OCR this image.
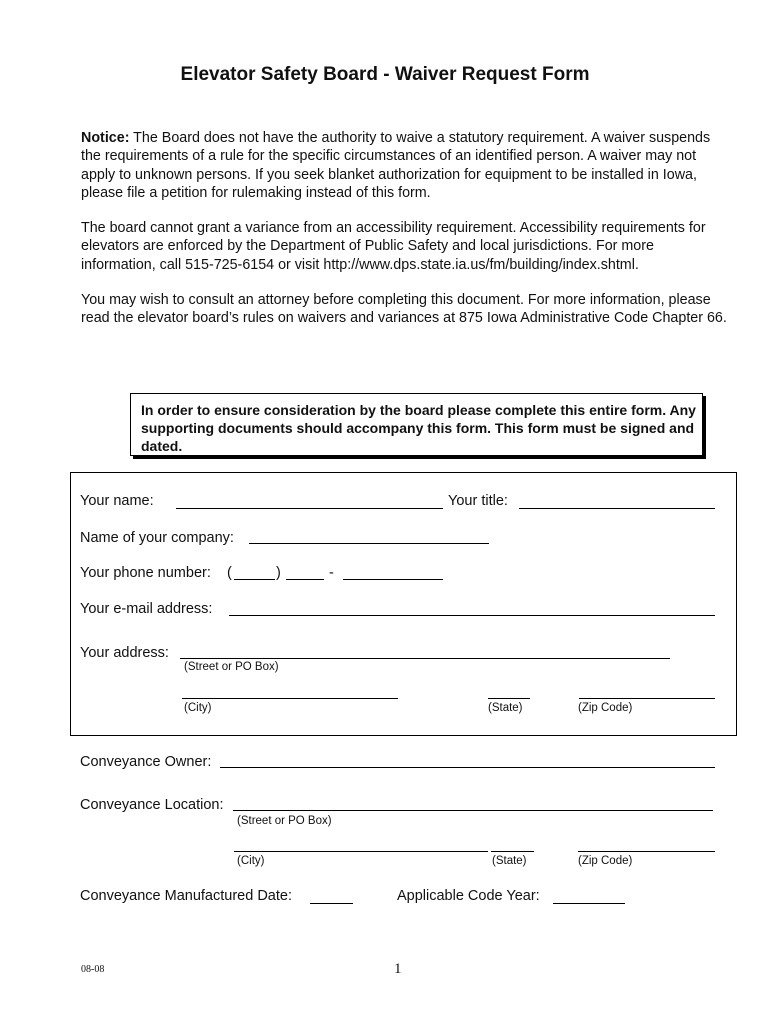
Elevator Safety Board - Waiver Request Form
Notice: The Board does not have the authority to waive a statutory requirement. A waiver suspends the requirements of a rule for the specific circumstances of an identified person. A waiver may not apply to unknown persons. If you seek blanket authorization for equipment to be installed in Iowa, please file a petition for rulemaking instead of this form.
The board cannot grant a variance from an accessibility requirement. Accessibility requirements for elevators are enforced by the Department of Public Safety and local jurisdictions. For more information, call 515-725-6154 or visit http://www.dps.state.ia.us/fm/building/index.shtml.
You may wish to consult an attorney before completing this document. For more information, please read the elevator board’s rules on waivers and variances at 875 Iowa Administrative Code Chapter 66.
In order to ensure consideration by the board please complete this entire form. Any supporting documents should accompany this form. This form must be signed and dated.
Your name:	Your title:
Name of your company:
Your phone number: (	)	-
Your e-mail address:
Your address:
(Street or PO Box)
(City)	(State)	(Zip Code)
Conveyance Owner:
Conveyance Location:
(Street or PO Box)
(City)	(State)	(Zip Code)
Conveyance Manufactured Date:	Applicable Code Year:
08-08	1
